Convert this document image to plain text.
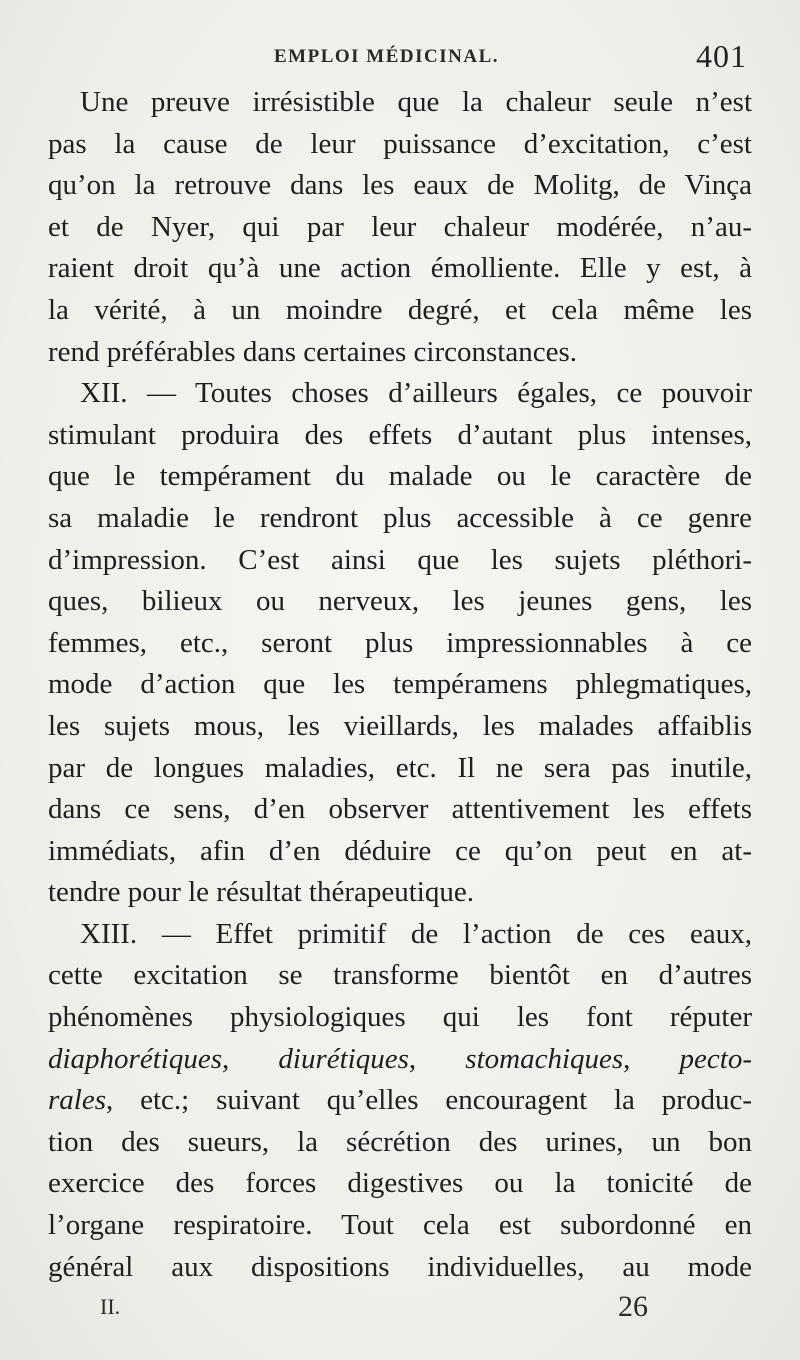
EMPLOI MÉDICINAL.	401
Une preuve irrésistible que la chaleur seule n’est
pas la cause de leur puissance d’excitation, c’est
qu’on la retrouve dans les eaux de Molitg, de Vinça
et de Nyer, qui par leur chaleur modérée, n’au-
raient droit qu’à une action émolliente. Elle y est, à
la vérité, à un moindre degré, et cela même les
rend préférables dans certaines circonstances.
XII. — Toutes choses d’ailleurs égales, ce pouvoir
stimulant produira des effets d’autant plus intenses,
que le tempérament du malade ou le caractère de
sa maladie le rendront plus accessible à ce genre
d’impression. C’est ainsi que les sujets pléthori-
ques, bilieux ou nerveux, les jeunes gens, les
femmes, etc., seront plus impressionnables à ce
mode d’action que les tempéramens phlegmatiques,
les sujets mous, les vieillards, les malades affaiblis
par de longues maladies, etc. Il ne sera pas inutile,
dans ce sens, d’en observer attentivement les effets
immédiats, afin d’en déduire ce qu’on peut en at-
tendre pour le résultat thérapeutique.
XIII. — Effet primitif de l’action de ces eaux,
cette excitation se transforme bientôt en d’autres
phénomènes physiologiques qui les font réputer
diaphorétiques, diurétiques, stomachiques, pecto-
rales, etc.; suivant qu’elles encouragent la produc-
tion des sueurs, la sécrétion des urines, un bon
exercice des forces digestives ou la tonicité de
l’organe respiratoire. Tout cela est subordonné en
général aux dispositions individuelles, au mode
II.	26
